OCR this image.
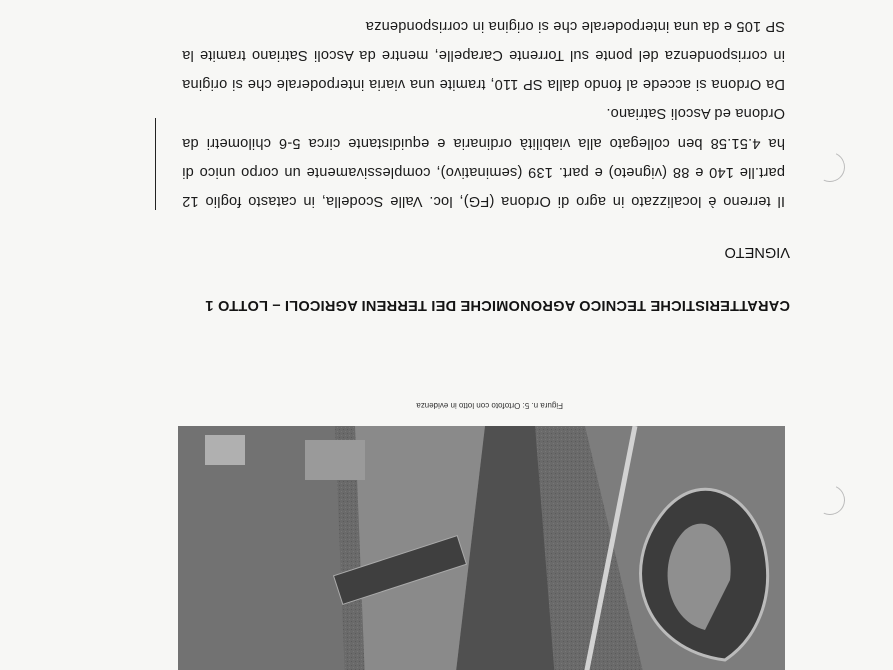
Figura n. 5: Ortofoto con lotto in evidenza
CARATTERISTICHE TECNICO AGRONOMICHE DEI TERRENI AGRICOLI – LOTTO 1
VIGNETO

Il terreno è localizzato in agro di Ordona (FG), loc. Valle Scodella, in catasto foglio 12 part.lle 140 e 88 (vigneto) e part. 139 (seminativo), complessivamente un corpo unico di ha 4.51.58 ben collegato alla viabilità ordinaria e equidistante circa 5-6 chilometri da Ordona ed Ascoli Satriano.

Da Ordona si accede al fondo dalla SP 110, tramite una viaria interpoderale che si origina in corrispondenza del ponte sul Torrente Carapelle, mentre da Ascoli Satriano tramite la SP 105 e da una interpoderale che si origina in corrispondenza
